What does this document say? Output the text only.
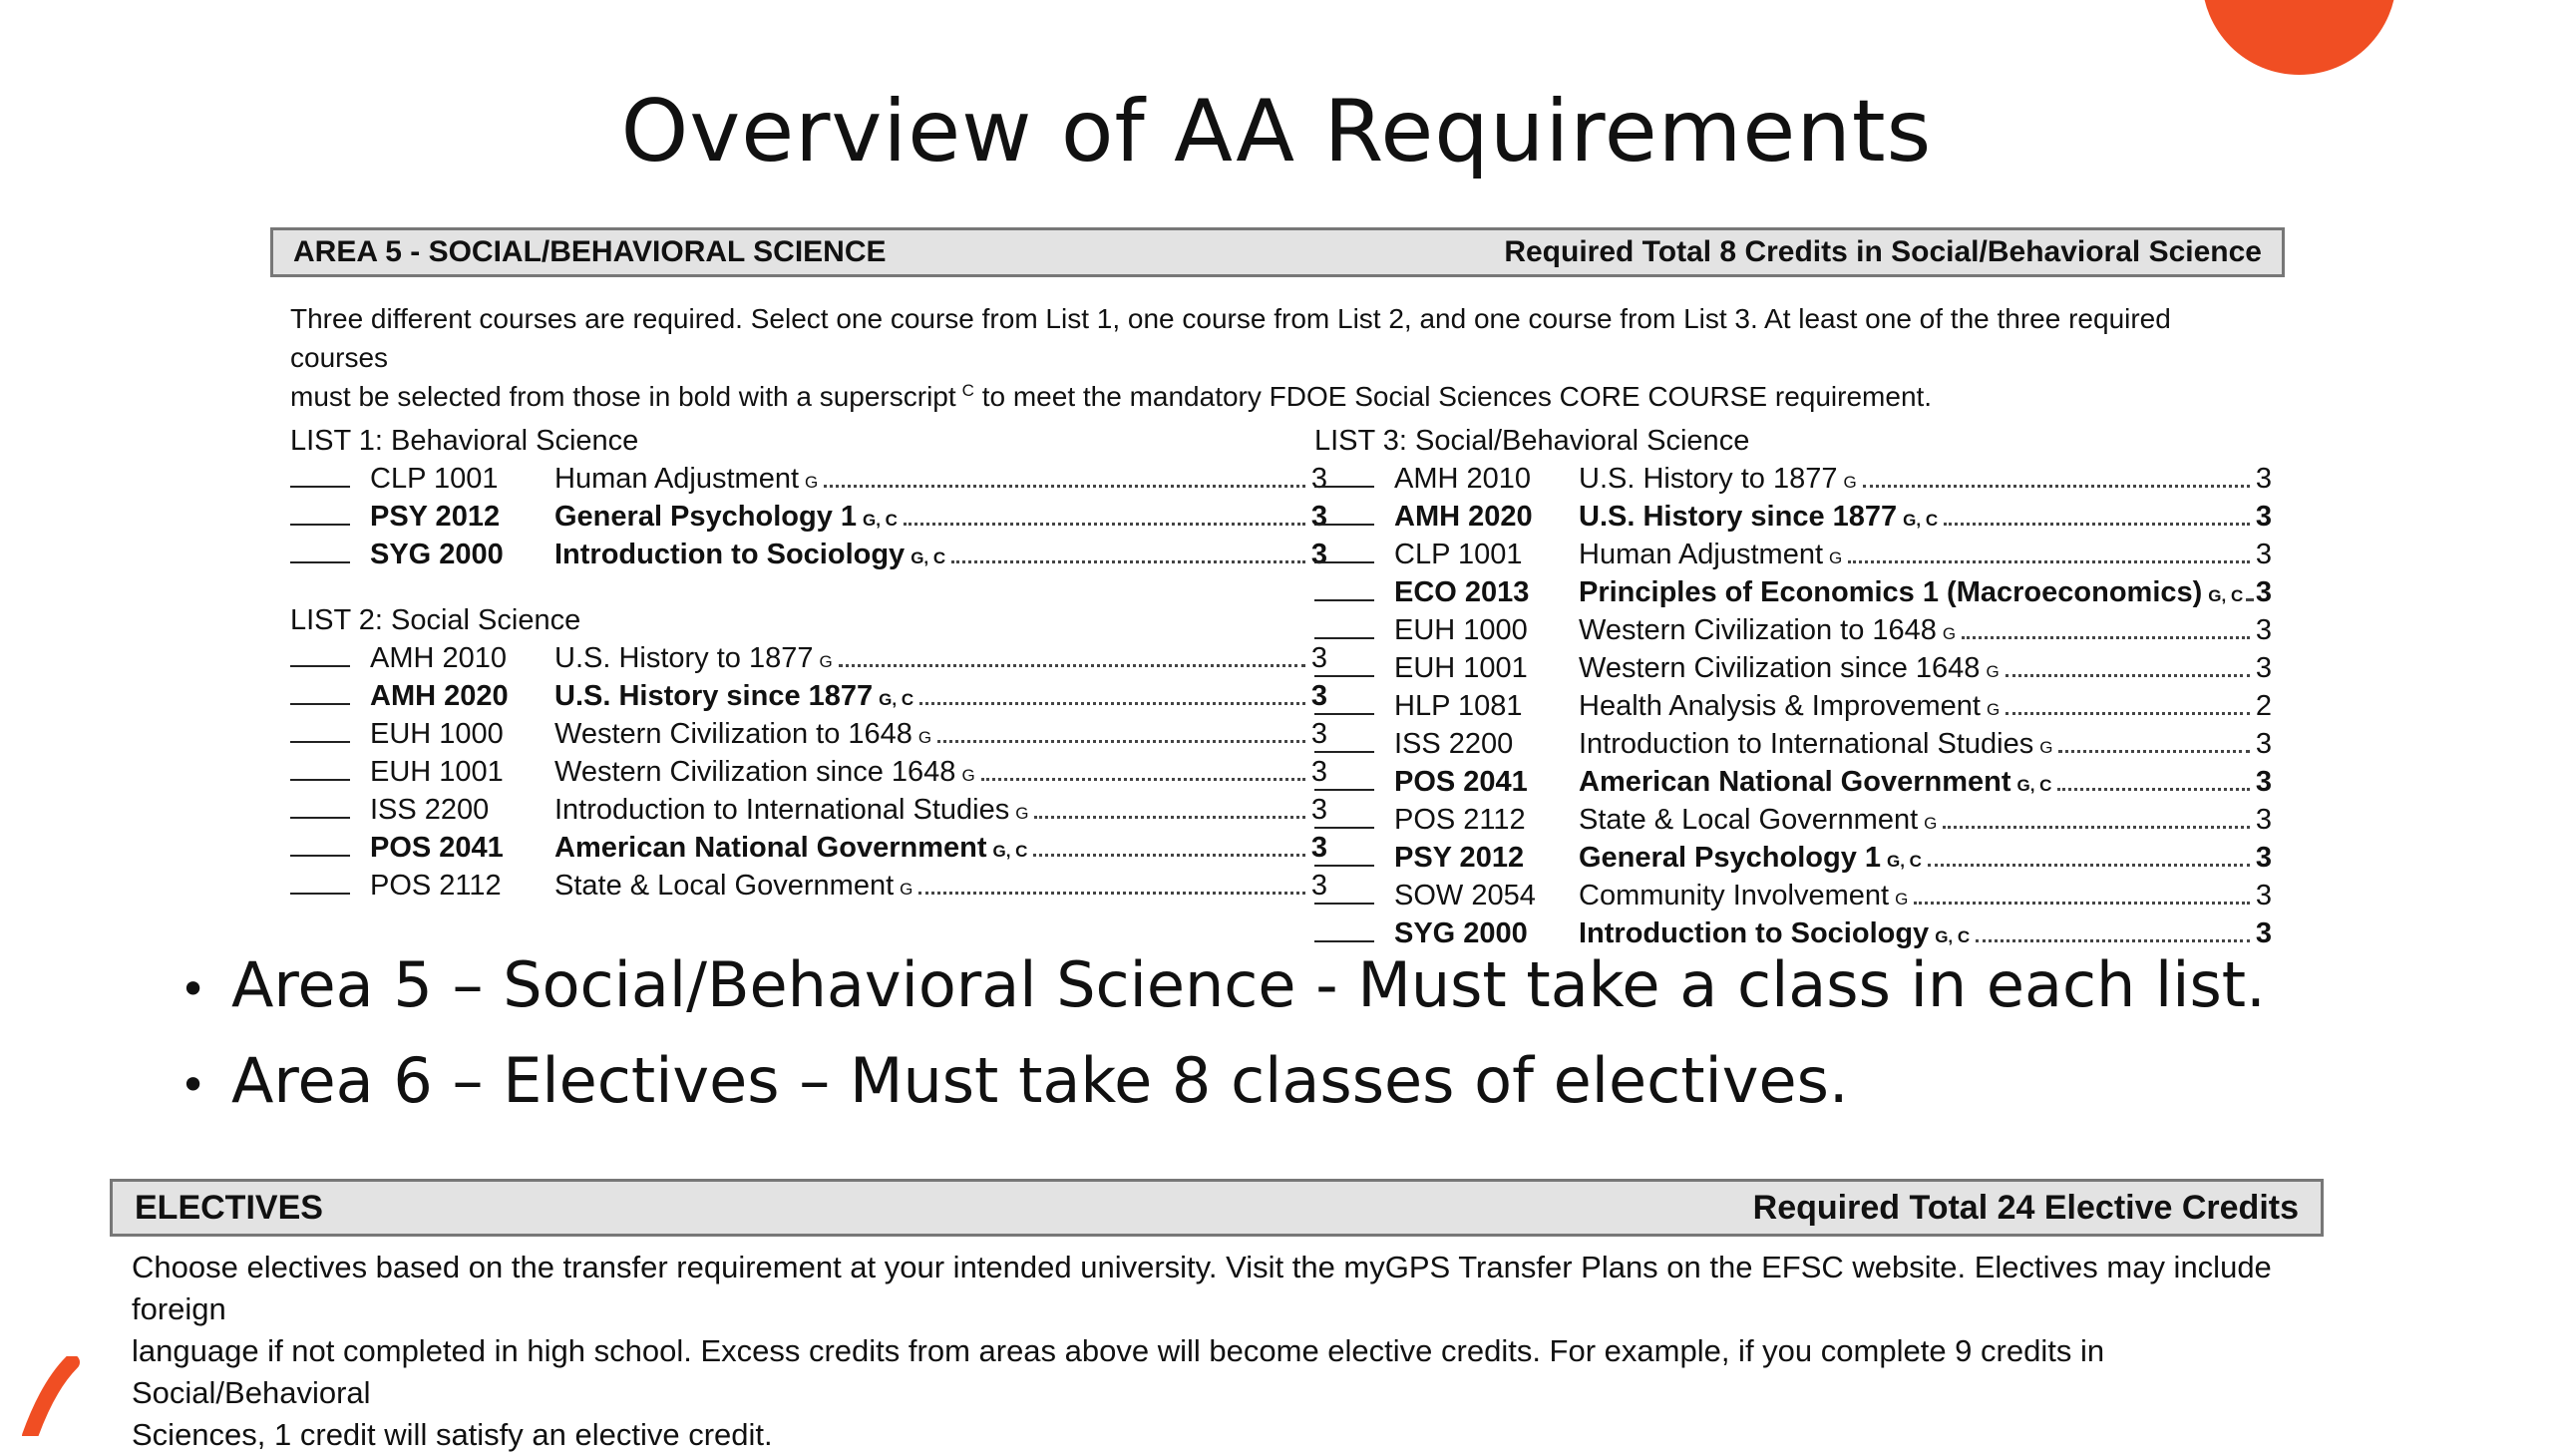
Overview of AA Requirements
AREA 5 - SOCIAL/BEHAVIORAL SCIENCE	Required Total 8 Credits in Social/Behavioral Science
Three different courses are required. Select one course from List 1, one course from List 2, and one course from List 3. At least one of the three required courses
must be selected from those in bold with a superscript $^C$ to meet the mandatory FDOE Social Sciences CORE COURSE requirement.
LIST 1: Behavioral Science
CLP 1001	Human Adjustment G	3
PSY 2012	General Psychology 1 G, C	3
SYG 2000	Introduction to Sociology G, C	3
LIST 2: Social Science
AMH 2010	U.S. History to 1877 G	3
AMH 2020	U.S. History since 1877 G, C	3
EUH 1000	Western Civilization to 1648 G	3
EUH 1001	Western Civilization since 1648 G	3
ISS 2200	Introduction to International Studies G	3
POS 2041	American National Government G, C	3
POS 2112	State & Local Government G	3
LIST 3: Social/Behavioral Science
AMH 2010	U.S. History to 1877 G	3
AMH 2020	U.S. History since 1877 G, C	3
CLP 1001	Human Adjustment G	3
ECO 2013	Principles of Economics 1 (Macroeconomics) G, C 3
EUH 1000	Western Civilization to 1648 G	3
EUH 1001	Western Civilization since 1648 G	3
HLP 1081	Health Analysis & Improvement G	2
ISS 2200	Introduction to International Studies G	3
POS 2041	American National Government G, C	3
POS 2112	State & Local Government G	3
PSY 2012	General Psychology 1 G, C	3
SOW 2054	Community Involvement G	3
SYG 2000	Introduction to Sociology G, C	3
• Area 5 – Social/Behavioral Science - Must take a class in each list.
• Area 6 – Electives – Must take 8 classes of electives.
ELECTIVES	Required Total 24 Elective Credits
Choose electives based on the transfer requirement at your intended university. Visit the myGPS Transfer Plans on the EFSC website. Electives may include foreign
language if not completed in high school. Excess credits from areas above will become elective credits. For example, if you complete 9 credits in Social/Behavioral
Sciences, 1 credit will satisfy an elective credit.
